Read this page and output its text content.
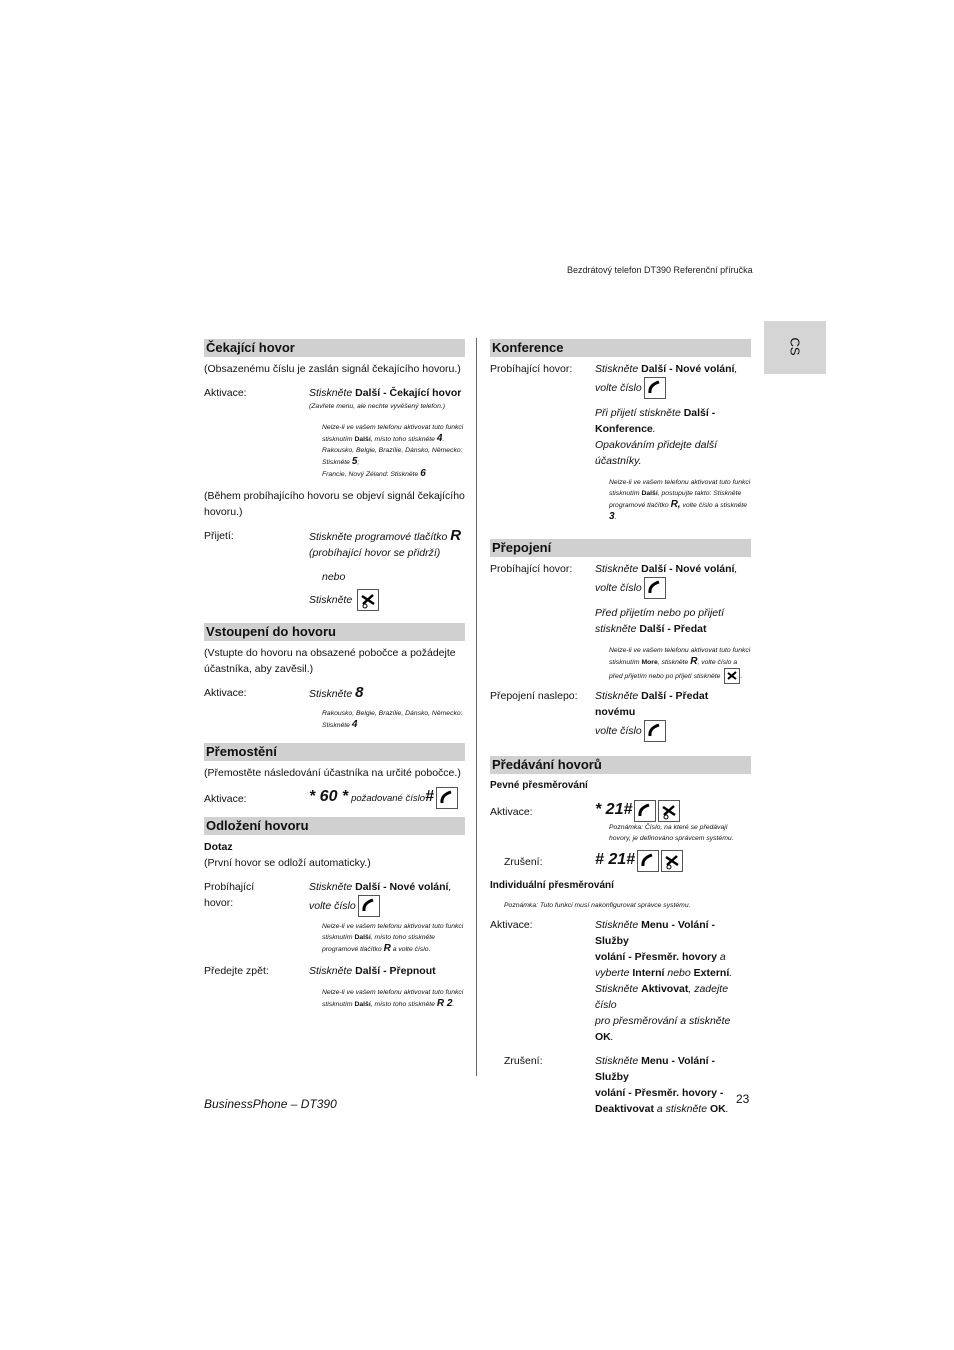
Bezdrátový telefon DT390 Referenční příručka
CS
Čekající hovor
(Obsazenému číslu je zaslán signál čekajícího hovoru.)
Aktivace:	Stiskněte Další - Čekající hovor
(Zavřete menu, ale nechte vyvěšený telefon.)
Nelze-li ve vašem telefonu aktivovat tuto funkci stisknutím Další, místo toho stiskněte 4.
Rakousko, Belgie, Brazílie, Dánsko, Německo: Stiskněte 5;
Francie, Nový Zéland: Stiskněte 6
(Během probíhajícího hovoru se objeví signál čekajícího hovoru.)
Přijetí:	Stiskněte programové tlačítko R
(probíhající hovor se přidrží)
nebo
Stiskněte
Vstoupení do hovoru
(Vstupte do hovoru na obsazené pobočce a požádejte účastníka, aby zavěsil.)
Aktivace:	Stiskněte 8
Rakousko, Belgie, Brazílie, Dánsko, Německo: Stiskněte 4
Přemostění
(Přemostěte následování účastníka na určité pobočce.)
Aktivace:	* 60 * požadované číslo#
Odložení hovoru
Dotaz
(První hovor se odloží automaticky.)
Probíhající
hovor:
Stiskněte Další - Nové volání,
volte číslo
Nelze-li ve vašem telefonu aktivovat tuto funkci stisknutím Další, místo toho stiskněte programové tlačítko R a volte číslo.
Předejte zpět:	Stiskněte Další - Přepnout
Nelze-li ve vašem telefonu aktivovat tuto funkci stisknutím Další, místo toho stiskněte R 2.
Konference
Probíhající hovor: Stiskněte Další - Nové volání,
volte číslo
Při přijetí stiskněte Další -
Konference.
Opakováním přidejte další
účastníky.
Nelze-li ve vašem telefonu aktivovat tuto funkci stisknutím Další, postupujte takto: Stiskněte programové tlačítko R, volte číslo a stiskněte 3.
Přepojení
Probíhající hovor: Stiskněte Další - Nové volání,
volte číslo
Před přijetím nebo po přijetí
stiskněte Další - Předat
Nelze-li ve vašem telefonu aktivovat tuto funkci stisknutím More, stiskněte R, volte číslo a před přijetím nebo po přijetí stiskněte	.
Přepojení naslepo: Stiskněte Další - Předat novému
volte číslo
Předávání hovorů
Pevné přesměrování
Aktivace:	* 21#
Poznámka: Číslo, na které se předávají hovory, je definováno správcem systému.
Zrušení:	# 21#
Individuální přesměrování
Poznámka: Tuto funkci musí nakonfigurovat správce systému.
Aktivace:	Stiskněte Menu - Volání - Služby
volání - Přesměr. hovory a
vyberte Interní nebo Externí.
Stiskněte Aktivovat, zadejte číslo
pro přesměrování a stiskněte OK.
Zrušení:	Stiskněte Menu - Volání - Služby
volání - Přesměr. hovory -
Deaktivovat a stiskněte OK.
BusinessPhone – DT390	23
